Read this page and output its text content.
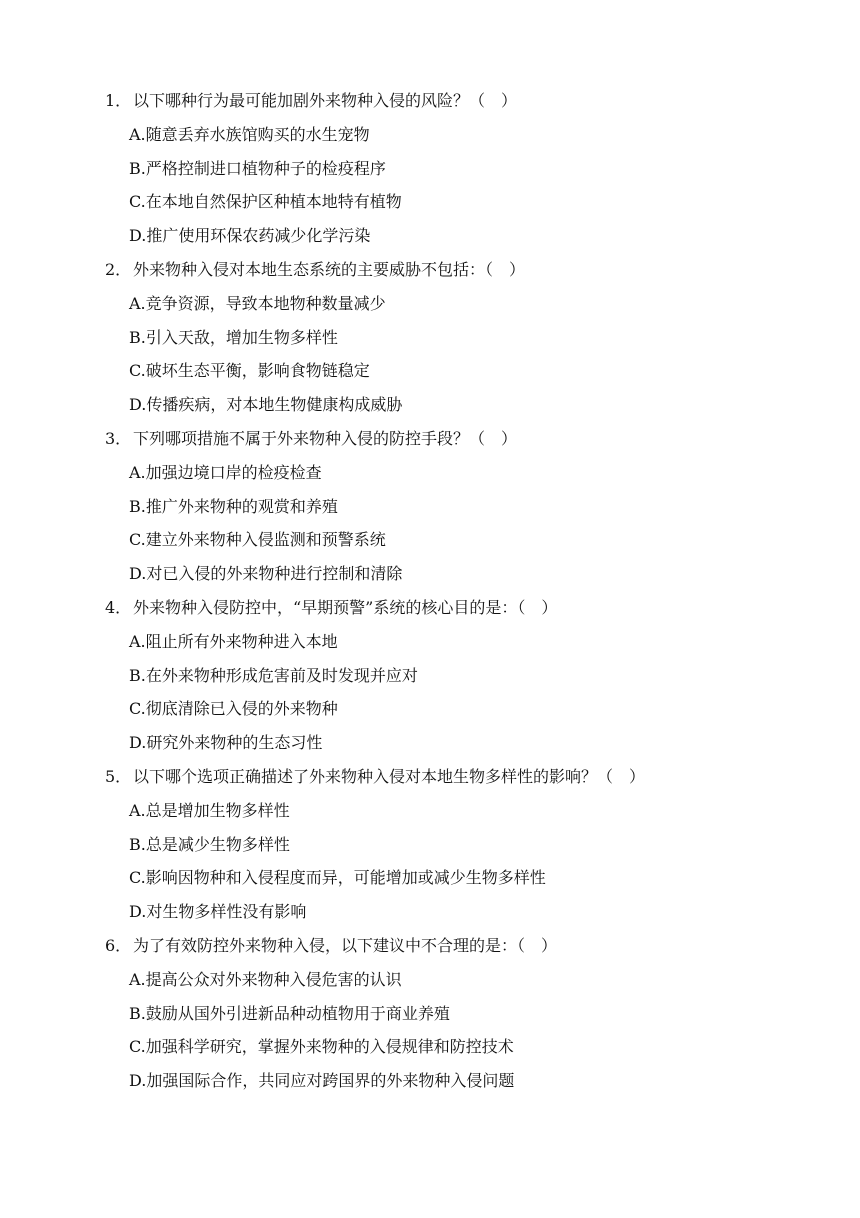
1． 以下哪种行为最可能加剧外来物种入侵的风险？（　）
A.随意丢弃水族馆购买的水生宠物
B.严格控制进口植物种子的检疫程序
C.在本地自然保护区种植本地特有植物
D.推广使用环保农药减少化学污染
2． 外来物种入侵对本地生态系统的主要威胁不包括：（　）
A.竞争资源，导致本地物种数量减少
B.引入天敌，增加生物多样性
C.破坏生态平衡，影响食物链稳定
D.传播疾病，对本地生物健康构成威胁
3． 下列哪项措施不属于外来物种入侵的防控手段？（　）
A.加强边境口岸的检疫检查
B.推广外来物种的观赏和养殖
C.建立外来物种入侵监测和预警系统
D.对已入侵的外来物种进行控制和清除
4． 外来物种入侵防控中，“早期预警”系统的核心目的是：（　）
A.阻止所有外来物种进入本地
B.在外来物种形成危害前及时发现并应对
C.彻底清除已入侵的外来物种
D.研究外来物种的生态习性
5． 以下哪个选项正确描述了外来物种入侵对本地生物多样性的影响？（　）
A.总是增加生物多样性
B.总是减少生物多样性
C.影响因物种和入侵程度而异，可能增加或减少生物多样性
D.对生物多样性没有影响
6． 为了有效防控外来物种入侵，以下建议中不合理的是：（　）
A.提高公众对外来物种入侵危害的认识
B.鼓励从国外引进新品种动植物用于商业养殖
C.加强科学研究，掌握外来物种的入侵规律和防控技术
D.加强国际合作，共同应对跨国界的外来物种入侵问题
